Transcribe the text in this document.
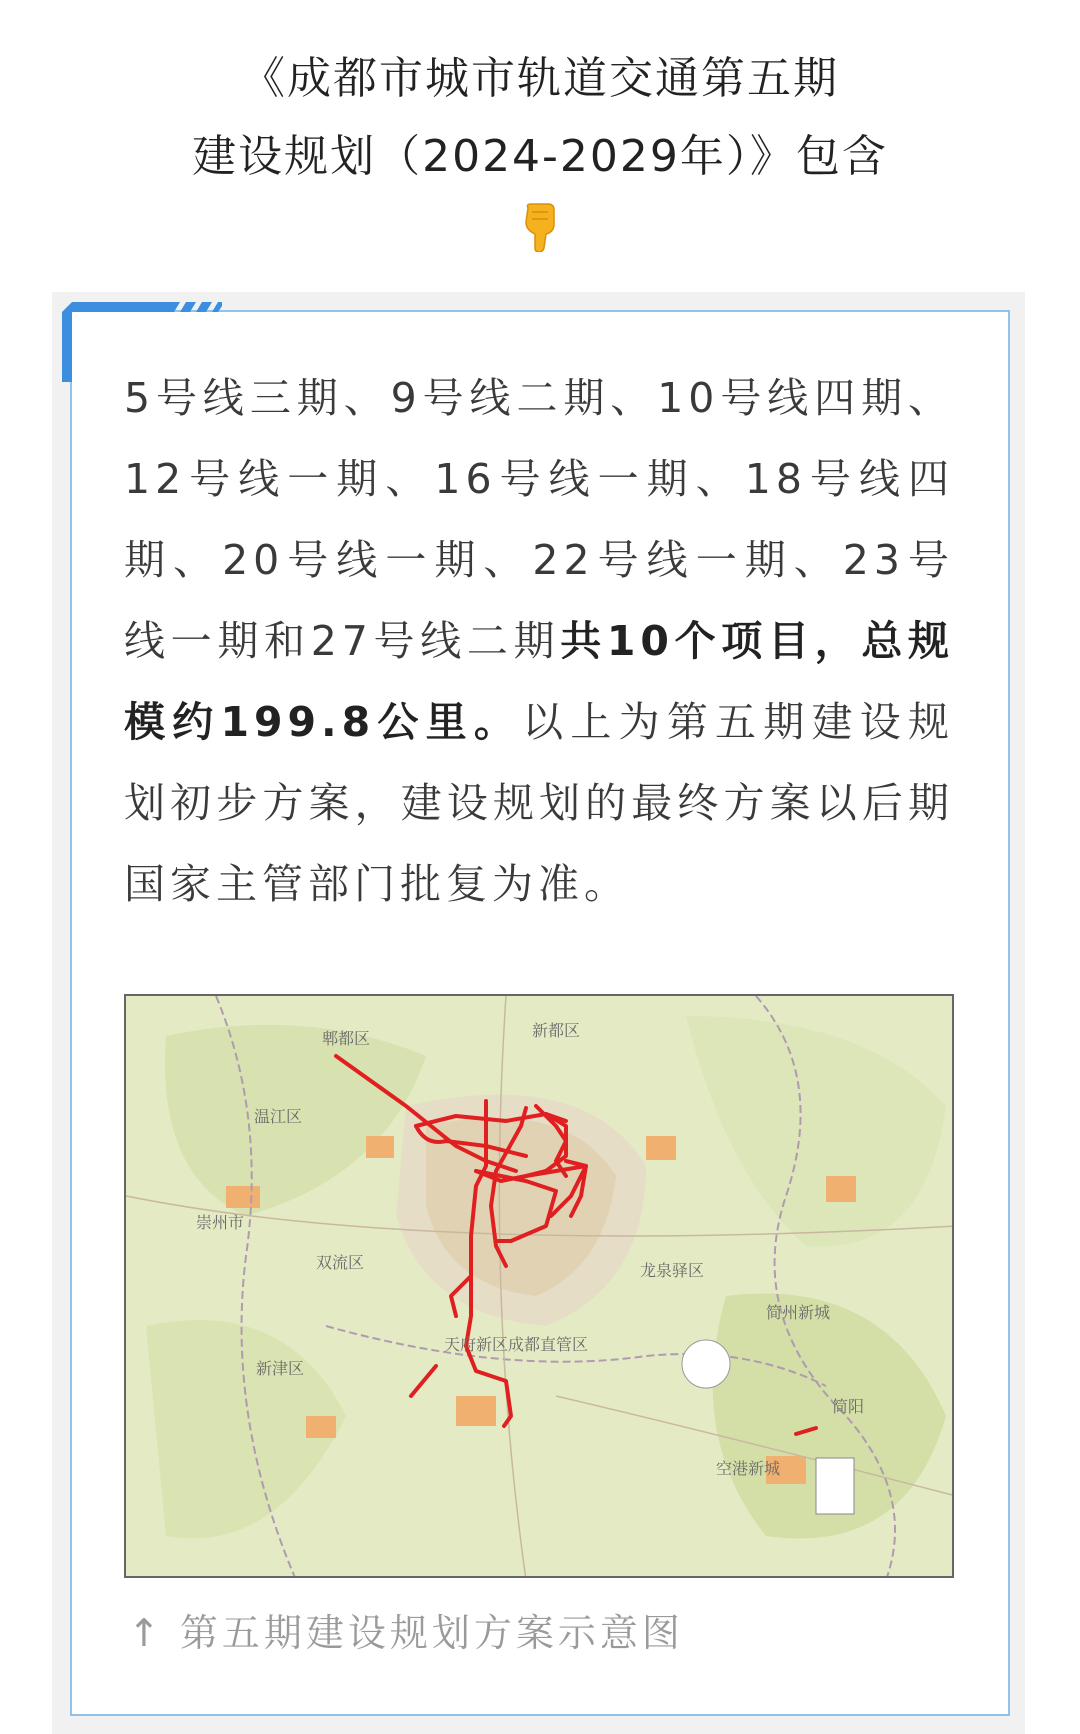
《成都市城市轨道交通第五期
建设规划（2024-2029年）》包含
5号线三期、9号线二期、10号线四期、12号线一期、16号线一期、18号线四期、20号线一期、22号线一期、23号线一期和27号线二期共10个项目，总规模约199.8公里。以上为第五期建设规划初步方案，建设规划的最终方案以后期国家主管部门批复为准。
郫都区	新都区
温江区
崇州市
双流区	龙泉驿区
简州新城
天府新区成都直管区
新津区
简阳
空港新城
↑ 第五期建设规划方案示意图
